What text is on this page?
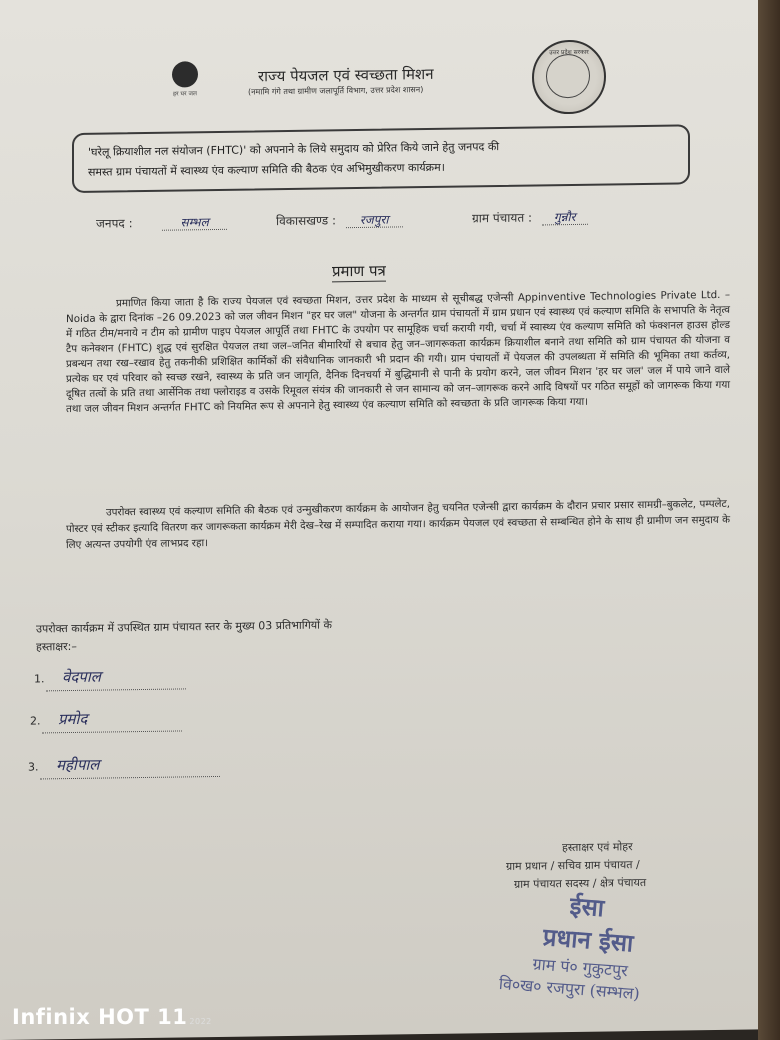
हर घर जल
राज्य पेयजल एवं स्वच्छता मिशन
(नमामि गंगे तथा ग्रामीण जलापूर्ति विभाग, उत्तर प्रदेश शासन)
उत्तर प्रदेश सरकार
'घरेलू क्रियाशील नल संयोजन (FHTC)' को अपनाने के लिये समुदाय को प्रेरित किये जाने हेतु जनपद की
समस्त ग्राम पंचायतों में स्वास्थ्य एंव कल्याण समिति की बैठक एंव अभिमुखीकरण कार्यक्रम।
जनपद :	सम्भल	विकासखण्ड : रजपुरा	ग्राम पंचायत : गुन्नौर
प्रमाण पत्र
प्रमाणित किया जाता है कि राज्य पेयजल एवं स्वच्छता मिशन, उत्तर प्रदेश के माध्यम से सूचीबद्ध एजेन्सी Appinventive Technologies Private Ltd. – Noida के द्वारा दिनांक –26 09.2023 को जल जीवन मिशन "हर घर जल" योजना के अन्तर्गत ग्राम पंचायतों में ग्राम प्रधान एवं स्वास्थ्य एवं कल्याण समिति के सभापति के नेतृत्व में गठित टीम/मनाये न टीम को ग्रामीण पाइप पेयजल आपूर्ति तथा FHTC के उपयोग पर सामूहिक चर्चा करायी गयी, चर्चा में स्वास्थ्य एंव कल्याण समिति को फंक्शनल हाउस होल्ड टैप कनेक्शन (FHTC) शुद्ध एवं सुरक्षित पेयजल तथा जल–जनित बीमारियों से बचाव हेतु जन–जागरूकता कार्यक्रम क्रियाशील बनाने तथा समिति को ग्राम पंचायत की योजना व प्रबन्धन तथा रख–रखाव हेतु तकनीकी प्रशिक्षित कार्मिकों की संवैधानिक जानकारी भी प्रदान की गयी। ग्राम पंचायतों में पेयजल की उपलब्धता में समिति की भूमिका तथा कर्तव्य, प्रत्येक घर एवं परिवार को स्वच्छ रखने, स्वास्थ्य के प्रति जन जागृति, दैनिक दिनचर्या में बुद्धिमानी से पानी के प्रयोग करने, जल जीवन मिशन 'हर घर जल' जल में पाये जाने वाले दूषित तत्वों के प्रति तथा आर्सेनिक तथा फ्लोराइड व उसके रिमूवल संयंत्र की जानकारी से जन सामान्य को जन–जागरूक करने आदि विषयों पर गठित समूहों को जागरूक किया गया तथा जल जीवन मिशन अन्तर्गत FHTC को नियमित रूप से अपनाने हेतु स्वास्थ्य एंव कल्याण समिति को स्वच्छता के प्रति जागरूक किया गया।
उपरोक्त स्वास्थ्य एवं कल्याण समिति की बैठक एवं उन्मुखीकरण कार्यक्रम के आयोजन हेतु चयनित एजेन्सी द्वारा कार्यक्रम के दौरान प्रचार प्रसार सामग्री–बुकलेट, पम्पलेट, पोस्टर एवं स्टीकर इत्यादि वितरण कर जागरूकता कार्यक्रम मेरी देख–रेख में सम्पादित कराया गया। कार्यक्रम पेयजल एवं स्वच्छता से सम्बन्धित होने के साथ ही ग्रामीण जन समुदाय के लिए अत्यन्त उपयोगी एंव लाभप्रद रहा।
उपरोक्त कार्यक्रम में उपस्थित ग्राम पंचायत स्तर के मुख्य 03 प्रतिभागियों के
हस्ताक्षर:–
1. वेदपाल
2. प्रमोद
3. महीपाल
हस्ताक्षर एवं मोहर
ग्राम प्रधान / सचिव ग्राम पंचायत /
ग्राम पंचायत सदस्य / क्षेत्र पंचायत
ईसा
प्रधान ईसा
ग्राम पं० गुकुटपुर
वि०ख० रजपुरा (सम्भल)
Infinix HOT 11 2022
